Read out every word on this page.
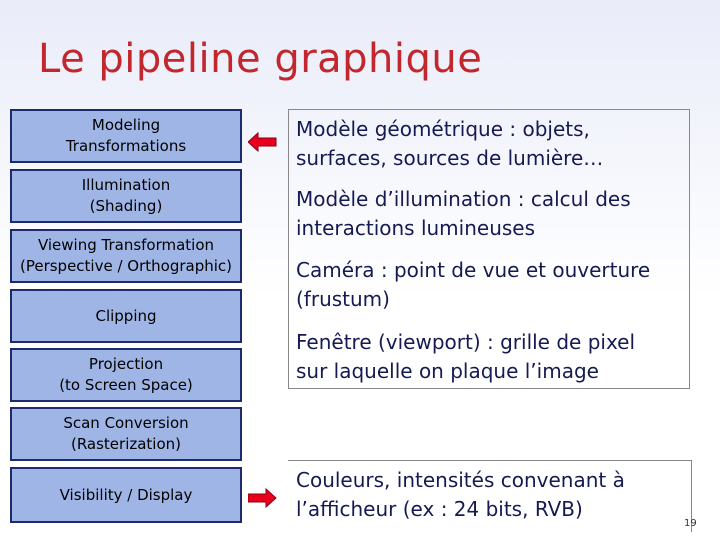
Le pipeline graphique
Modeling
Transformations
Illumination
(Shading)
Viewing Transformation
(Perspective / Orthographic)
Clipping
Projection
(to Screen Space)
Scan Conversion
(Rasterization)
Visibility / Display
Modèle géométrique : objets,
surfaces, sources de lumière…
Modèle d’illumination : calcul des
interactions lumineuses
Caméra : point de vue et ouverture
(frustum)
Fenêtre (viewport) : grille de pixel
sur laquelle on plaque l’image
Couleurs, intensités convenant à
l’afficheur (ex : 24 bits, RVB)
19
